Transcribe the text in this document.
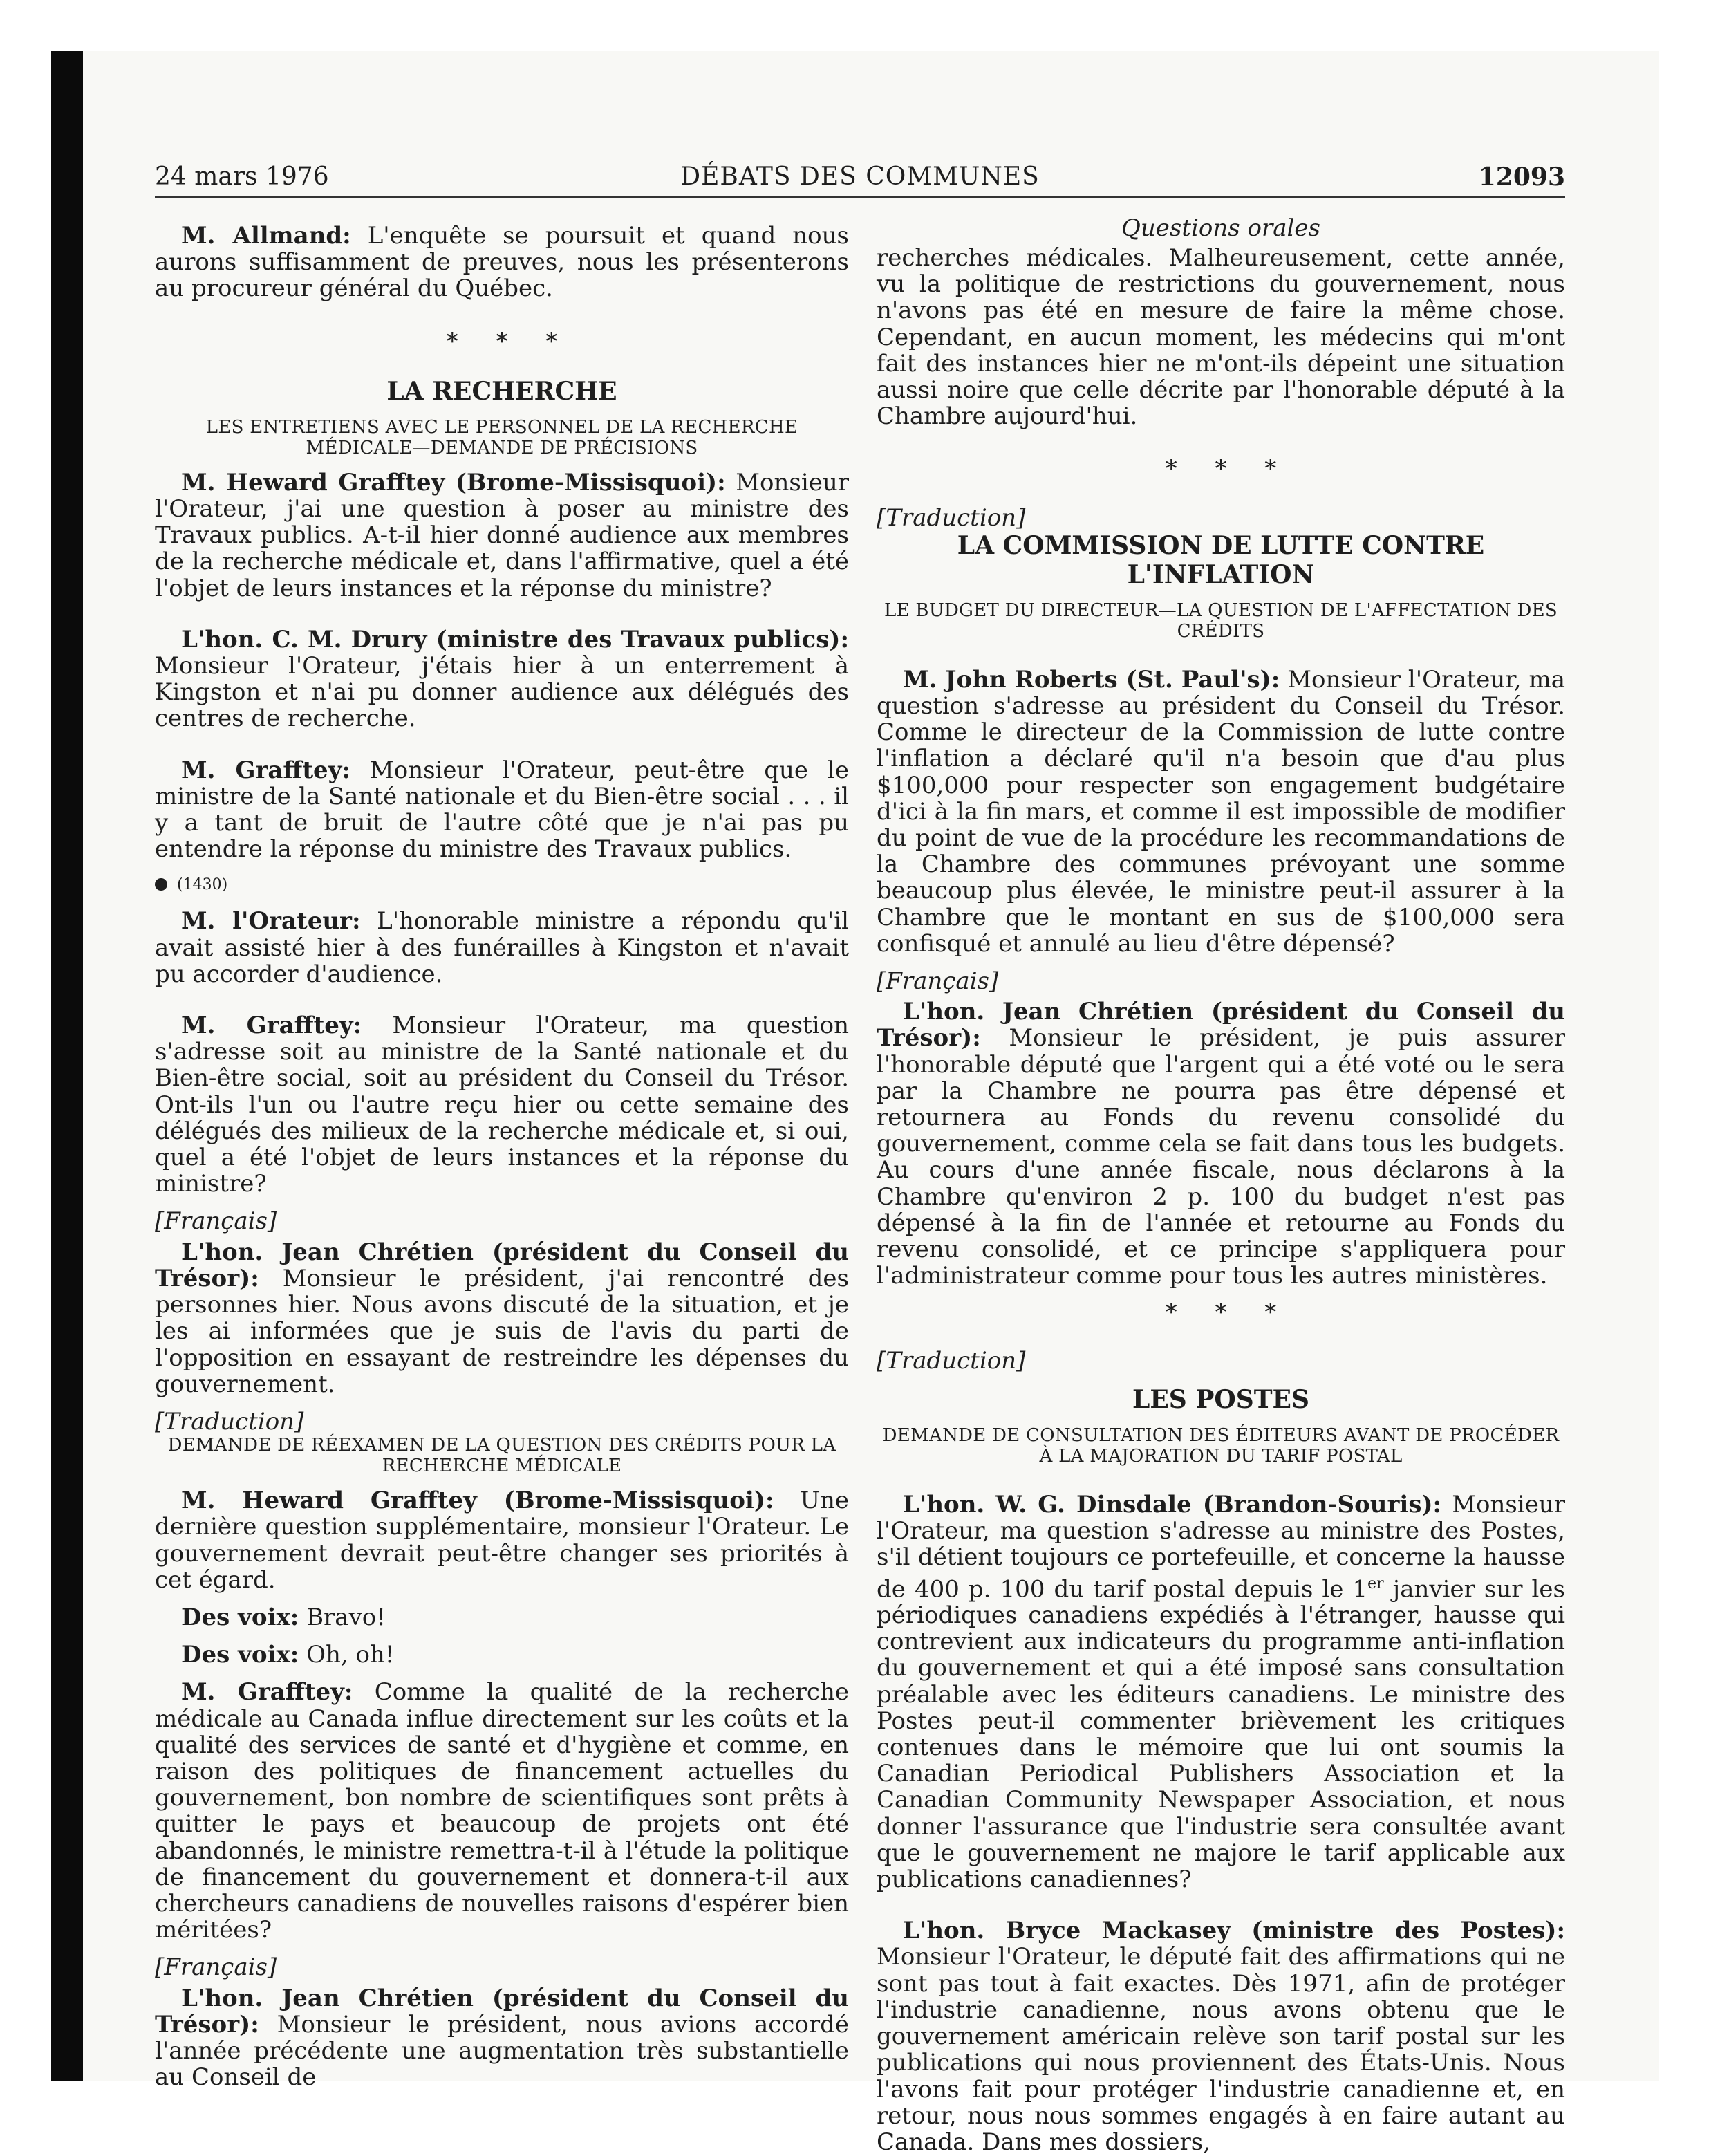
24 mars 1976	DÉBATS DES COMMUNES	12093

M. Allmand: L'enquête se poursuit et quand nous aurons suffisamment de preuves, nous les présenterons au procureur général du Québec.

* * *
LA RECHERCHE
LES ENTRETIENS AVEC LE PERSONNEL DE LA RECHERCHE MÉDICALE—DEMANDE DE PRÉCISIONS

M. Heward Grafftey (Brome-Missisquoi): Monsieur l'Orateur, j'ai une question à poser au ministre des Travaux publics. A-t-il hier donné audience aux membres de la recherche médicale et, dans l'affirmative, quel a été l'objet de leurs instances et la réponse du ministre?

L'hon. C. M. Drury (ministre des Travaux publics): Monsieur l'Orateur, j'étais hier à un enterrement à Kingston et n'ai pu donner audience aux délégués des centres de recherche.

M. Grafftey: Monsieur l'Orateur, peut-être que le ministre de la Santé nationale et du Bien-être social . . . il y a tant de bruit de l'autre côté que je n'ai pas pu entendre la réponse du ministre des Travaux publics.

(1430)

M. l'Orateur: L'honorable ministre a répondu qu'il avait assisté hier à des funérailles à Kingston et n'avait pu accorder d'audience.

M. Grafftey: Monsieur l'Orateur, ma question s'adresse soit au ministre de la Santé nationale et du Bien-être social, soit au président du Conseil du Trésor. Ont-ils l'un ou l'autre reçu hier ou cette semaine des délégués des milieux de la recherche médicale et, si oui, quel a été l'objet de leurs instances et la réponse du ministre?

[Français]

L'hon. Jean Chrétien (président du Conseil du Trésor): Monsieur le président, j'ai rencontré des personnes hier. Nous avons discuté de la situation, et je les ai informées que je suis de l'avis du parti de l'opposition en essayant de restreindre les dépenses du gouvernement.

[Traduction]
DEMANDE DE RÉEXAMEN DE LA QUESTION DES CRÉDITS POUR LA RECHERCHE MÉDICALE

M. Heward Grafftey (Brome-Missisquoi): Une dernière question supplémentaire, monsieur l'Orateur. Le gouvernement devrait peut-être changer ses priorités à cet égard.

Des voix: Bravo!

Des voix: Oh, oh!

M. Grafftey: Comme la qualité de la recherche médicale au Canada influe directement sur les coûts et la qualité des services de santé et d'hygiène et comme, en raison des politiques de financement actuelles du gouvernement, bon nombre de scientifiques sont prêts à quitter le pays et beaucoup de projets ont été abandonnés, le ministre remettra-t-il à l'étude la politique de financement du gouvernement et donnera-t-il aux chercheurs canadiens de nouvelles raisons d'espérer bien méritées?

[Français]

L'hon. Jean Chrétien (président du Conseil du Trésor): Monsieur le président, nous avions accordé l'année précédente une augmentation très substantielle au Conseil de

Questions orales

recherches médicales. Malheureusement, cette année, vu la politique de restrictions du gouvernement, nous n'avons pas été en mesure de faire la même chose. Cependant, en aucun moment, les médecins qui m'ont fait des instances hier ne m'ont-ils dépeint une situation aussi noire que celle décrite par l'honorable député à la Chambre aujourd'hui.

* * *
[Traduction]
LA COMMISSION DE LUTTE CONTRE L'INFLATION
LE BUDGET DU DIRECTEUR—LA QUESTION DE L'AFFECTATION DES CRÉDITS

M. John Roberts (St. Paul's): Monsieur l'Orateur, ma question s'adresse au président du Conseil du Trésor. Comme le directeur de la Commission de lutte contre l'inflation a déclaré qu'il n'a besoin que d'au plus $100,000 pour respecter son engagement budgétaire d'ici à la fin mars, et comme il est impossible de modifier du point de vue de la procédure les recommandations de la Chambre des communes prévoyant une somme beaucoup plus élevée, le ministre peut-il assurer à la Chambre que le montant en sus de $100,000 sera confisqué et annulé au lieu d'être dépensé?

[Français]

L'hon. Jean Chrétien (président du Conseil du Trésor): Monsieur le président, je puis assurer l'honorable député que l'argent qui a été voté ou le sera par la Chambre ne pourra pas être dépensé et retournera au Fonds du revenu consolidé du gouvernement, comme cela se fait dans tous les budgets. Au cours d'une année fiscale, nous déclarons à la Chambre qu'environ 2 p. 100 du budget n'est pas dépensé à la fin de l'année et retourne au Fonds du revenu consolidé, et ce principe s'appliquera pour l'administrateur comme pour tous les autres ministères.

* * *
[Traduction]
LES POSTES
DEMANDE DE CONSULTATION DES ÉDITEURS AVANT DE PROCÉDER À LA MAJORATION DU TARIF POSTAL

L'hon. W. G. Dinsdale (Brandon-Souris): Monsieur l'Orateur, ma question s'adresse au ministre des Postes, s'il détient toujours ce portefeuille, et concerne la hausse de 400 p. 100 du tarif postal depuis le 1er janvier sur les périodiques canadiens expédiés à l'étranger, hausse qui contrevient aux indicateurs du programme anti-inflation du gouvernement et qui a été imposé sans consultation préalable avec les éditeurs canadiens. Le ministre des Postes peut-il commenter brièvement les critiques contenues dans le mémoire que lui ont soumis la Canadian Periodical Publishers Association et la Canadian Community Newspaper Association, et nous donner l'assurance que l'industrie sera consultée avant que le gouvernement ne majore le tarif applicable aux publications canadiennes?

L'hon. Bryce Mackasey (ministre des Postes): Monsieur l'Orateur, le député fait des affirmations qui ne sont pas tout à fait exactes. Dès 1971, afin de protéger l'industrie canadienne, nous avons obtenu que le gouvernement américain relève son tarif postal sur les publications qui nous proviennent des États-Unis. Nous l'avons fait pour protéger l'industrie canadienne et, en retour, nous nous sommes engagés à en faire autant au Canada. Dans mes dossiers,
